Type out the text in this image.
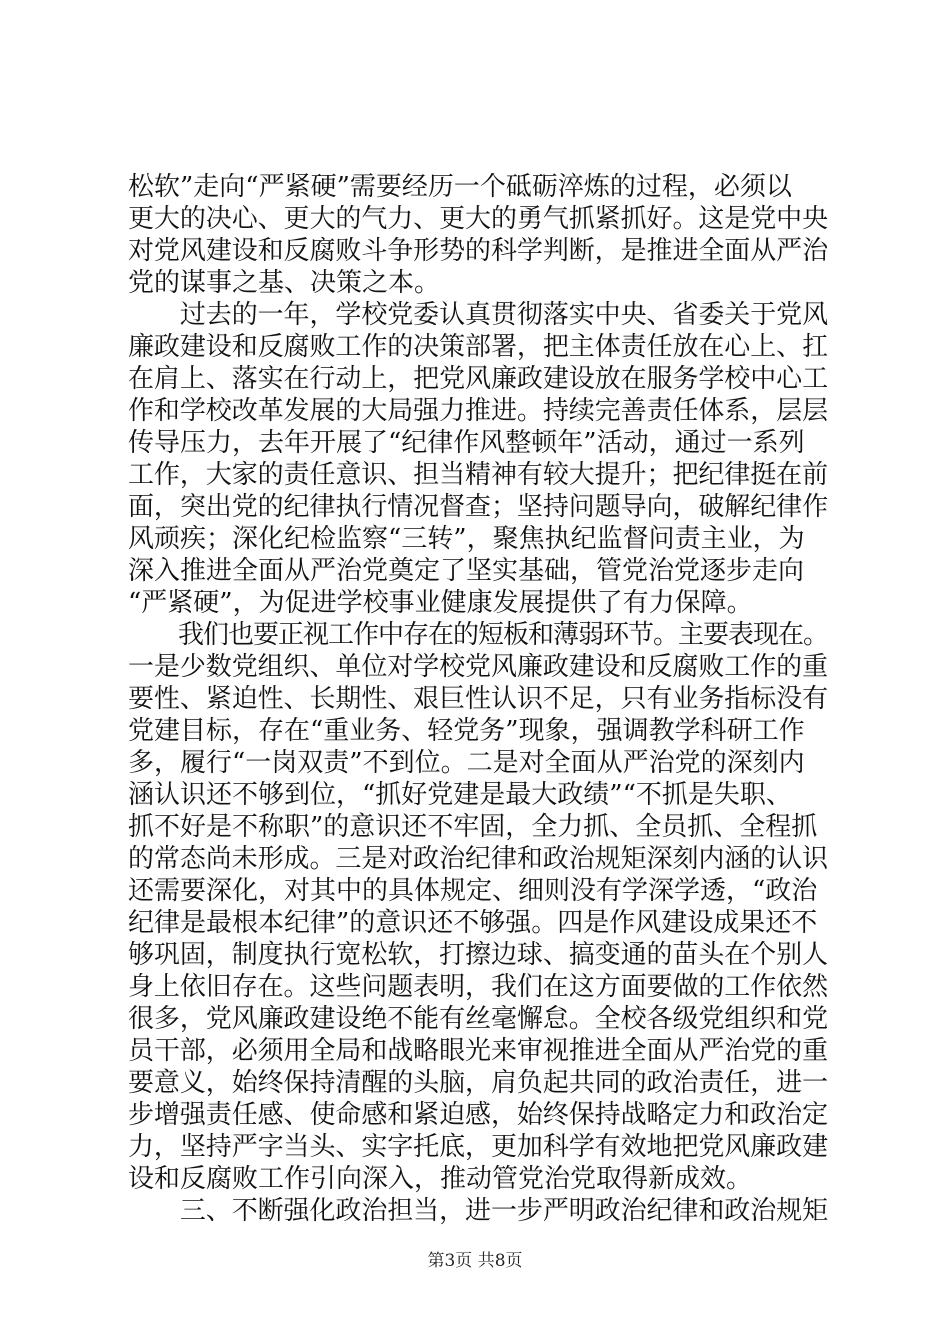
松软”走向“严紧硬”需要经历一个砥砺淬炼的过程，必须以
更大的决心、更大的气力、更大的勇气抓紧抓好。这是党中央
对党风建设和反腐败斗争形势的科学判断，是推进全面从严治
党的谋事之基、决策之本。
　　过去的一年，学校党委认真贯彻落实中央、省委关于党风
廉政建设和反腐败工作的决策部署，把主体责任放在心上、扛
在肩上、落实在行动上，把党风廉政建设放在服务学校中心工
作和学校改革发展的大局强力推进。持续完善责任体系，层层
传导压力，去年开展了“纪律作风整顿年”活动，通过一系列
工作，大家的责任意识、担当精神有较大提升；把纪律挺在前
面，突出党的纪律执行情况督查；坚持问题导向，破解纪律作
风顽疾；深化纪检监察“三转”，聚焦执纪监督问责主业，为
深入推进全面从严治党奠定了坚实基础，管党治党逐步走向
“严紧硬”，为促进学校事业健康发展提供了有力保障。
　　我们也要正视工作中存在的短板和薄弱环节。主要表现在。
一是少数党组织、单位对学校党风廉政建设和反腐败工作的重
要性、紧迫性、长期性、艰巨性认识不足，只有业务指标没有
党建目标，存在“重业务、轻党务”现象，强调教学科研工作
多，履行“一岗双责”不到位。二是对全面从严治党的深刻内
涵认识还不够到位，“抓好党建是最大政绩”“不抓是失职、
抓不好是不称职”的意识还不牢固，全力抓、全员抓、全程抓
的常态尚未形成。三是对政治纪律和政治规矩深刻内涵的认识
还需要深化，对其中的具体规定、细则没有学深学透，“政治
纪律是最根本纪律”的意识还不够强。四是作风建设成果还不
够巩固，制度执行宽松软，打擦边球、搞变通的苗头在个别人
身上依旧存在。这些问题表明，我们在这方面要做的工作依然
很多，党风廉政建设绝不能有丝毫懈怠。全校各级党组织和党
员干部，必须用全局和战略眼光来审视推进全面从严治党的重
要意义，始终保持清醒的头脑，肩负起共同的政治责任，进一
步增强责任感、使命感和紧迫感，始终保持战略定力和政治定
力，坚持严字当头、实字托底，更加科学有效地把党风廉政建
设和反腐败工作引向深入，推动管党治党取得新成效。
　　三、不断强化政治担当，进一步严明政治纪律和政治规矩
第3页 共8页
